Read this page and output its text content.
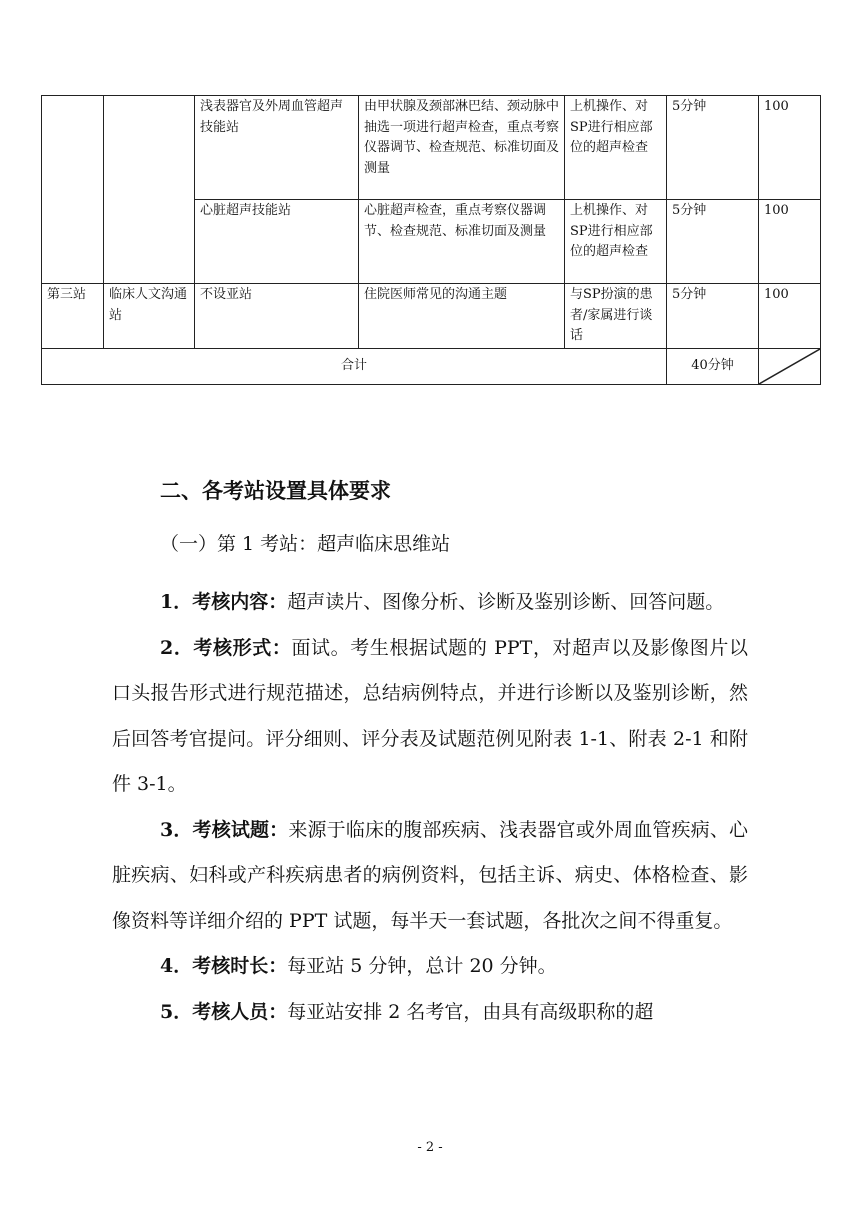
		浅表器官及外周血管超声技能站	由甲状腺及颈部淋巴结、颈动脉中抽选一项进行超声检查，重点考察仪器调节、检查规范、标准切面及测量	上机操作、对SP进行相应部位的超声检查	5分钟	100
		心脏超声技能站	心脏超声检查，重点考察仪器调节、检查规范、标准切面及测量	上机操作、对SP进行相应部位的超声检查	5分钟	100
第三站	临床人文沟通站	不设亚站	住院医师常见的沟通主题	与SP扮演的患者/家属进行谈话	5分钟	100
合计					40分钟	
二、各考站设置具体要求
（一）第 1 考站：超声临床思维站

1．考核内容：超声读片、图像分析、诊断及鉴别诊断、回答问题。

2．考核形式：面试。考生根据试题的 PPT，对超声以及影像图片以口头报告形式进行规范描述，总结病例特点，并进行诊断以及鉴别诊断，然后回答考官提问。评分细则、评分表及试题范例见附表 1-1、附表 2-1 和附件 3-1。

3．考核试题：来源于临床的腹部疾病、浅表器官或外周血管疾病、心脏疾病、妇科或产科疾病患者的病例资料，包括主诉、病史、体格检查、影像资料等详细介绍的 PPT 试题，每半天一套试题，各批次之间不得重复。

4．考核时长：每亚站 5 分钟，总计 20 分钟。

5．考核人员：每亚站安排 2 名考官，由具有高级职称的超

- 2 -
